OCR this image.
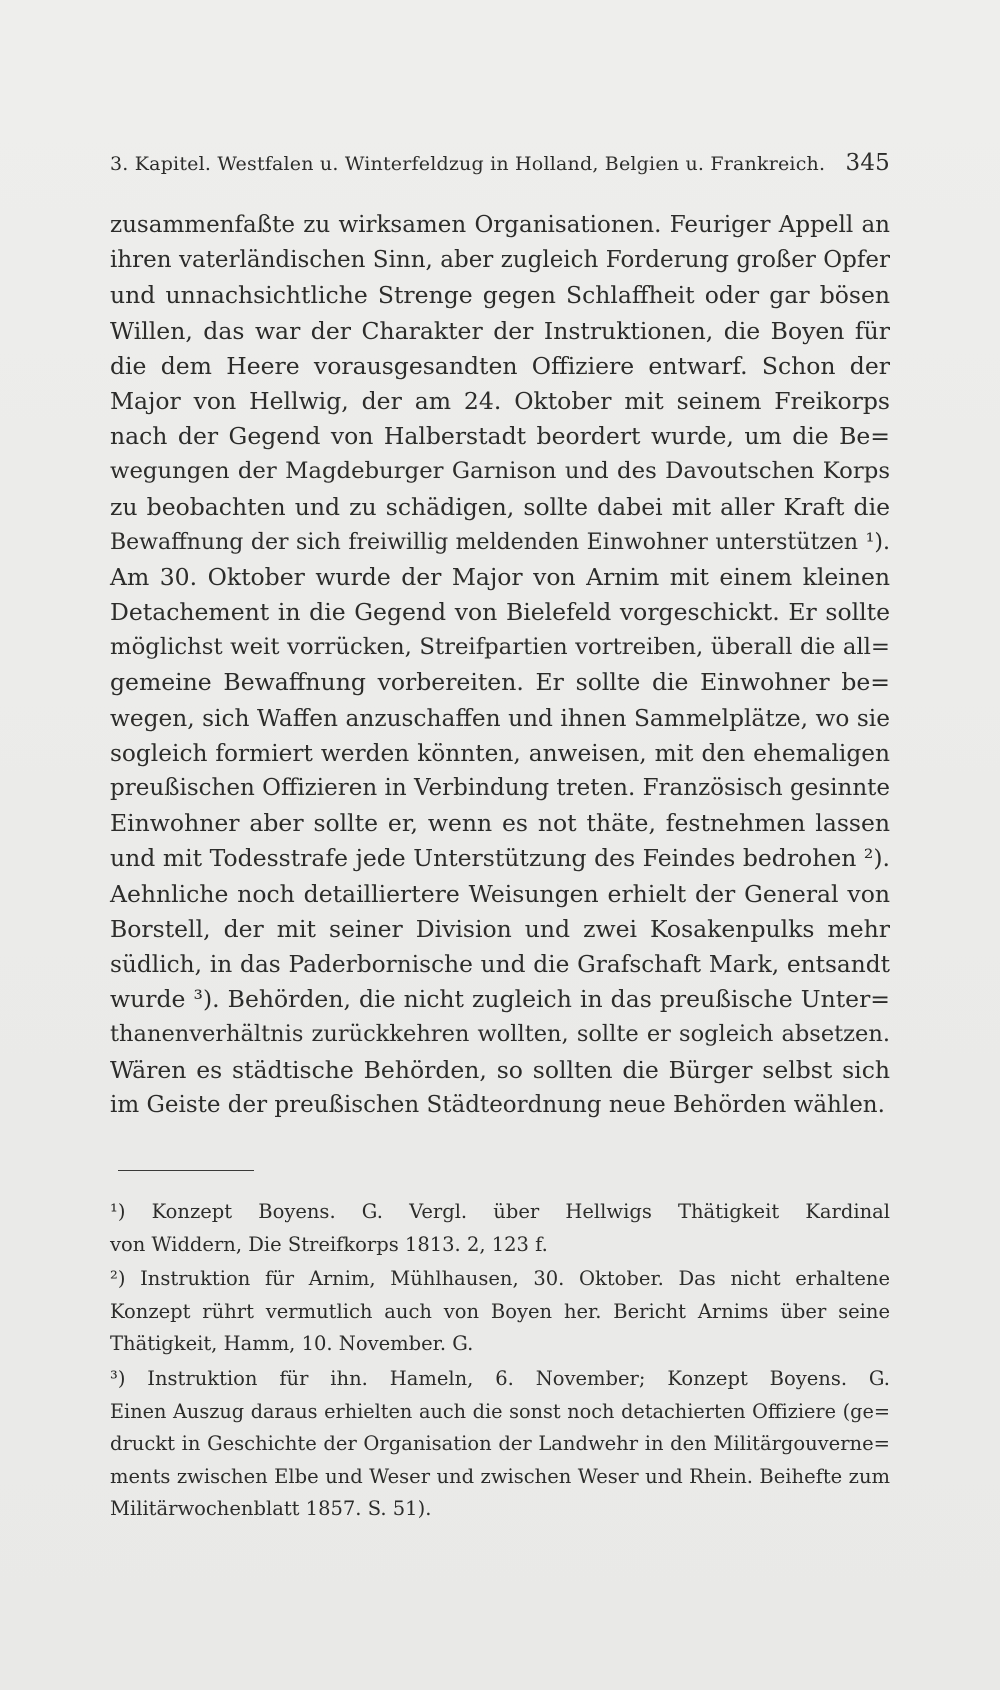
3. Kapitel. Westfalen u. Winterfeldzug in Holland, Belgien u. Frankreich. 345
zusammenfaßte zu wirksamen Organisationen. Feuriger Appell an
ihren vaterländischen Sinn, aber zugleich Forderung großer Opfer
und unnachsichtliche Strenge gegen Schlaffheit oder gar bösen
Willen, das war der Charakter der Instruktionen, die Boyen für
die dem Heere vorausgesandten Offiziere entwarf. Schon der
Major von Hellwig, der am 24. Oktober mit seinem Freikorps
nach der Gegend von Halberstadt beordert wurde, um die Be=
wegungen der Magdeburger Garnison und des Davoutschen Korps
zu beobachten und zu schädigen, sollte dabei mit aller Kraft die
Bewaffnung der sich freiwillig meldenden Einwohner unterstützen ¹).
Am 30. Oktober wurde der Major von Arnim mit einem kleinen
Detachement in die Gegend von Bielefeld vorgeschickt. Er sollte
möglichst weit vorrücken, Streifpartien vortreiben, überall die all=
gemeine Bewaffnung vorbereiten. Er sollte die Einwohner be=
wegen, sich Waffen anzuschaffen und ihnen Sammelplätze, wo sie
sogleich formiert werden könnten, anweisen, mit den ehemaligen
preußischen Offizieren in Verbindung treten. Französisch gesinnte
Einwohner aber sollte er, wenn es not thäte, festnehmen lassen
und mit Todesstrafe jede Unterstützung des Feindes bedrohen ²).
Aehnliche noch detailliertere Weisungen erhielt der General von
Borstell, der mit seiner Division und zwei Kosakenpulks mehr
südlich, in das Paderbornische und die Grafschaft Mark, entsandt
wurde ³). Behörden, die nicht zugleich in das preußische Unter=
thanenverhältnis zurückkehren wollten, sollte er sogleich absetzen.
Wären es städtische Behörden, so sollten die Bürger selbst sich
im Geiste der preußischen Städteordnung neue Behörden wählen.
¹) Konzept Boyens. G. Vergl. über Hellwigs Thätigkeit Kardinal
von Widdern, Die Streifkorps 1813. 2, 123 f.
²) Instruktion für Arnim, Mühlhausen, 30. Oktober. Das nicht erhaltene
Konzept rührt vermutlich auch von Boyen her. Bericht Arnims über seine
Thätigkeit, Hamm, 10. November. G.
³) Instruktion für ihn. Hameln, 6. November; Konzept Boyens. G.
Einen Auszug daraus erhielten auch die sonst noch detachierten Offiziere (ge=
druckt in Geschichte der Organisation der Landwehr in den Militärgouverne=
ments zwischen Elbe und Weser und zwischen Weser und Rhein. Beihefte zum
Militärwochenblatt 1857. S. 51).
